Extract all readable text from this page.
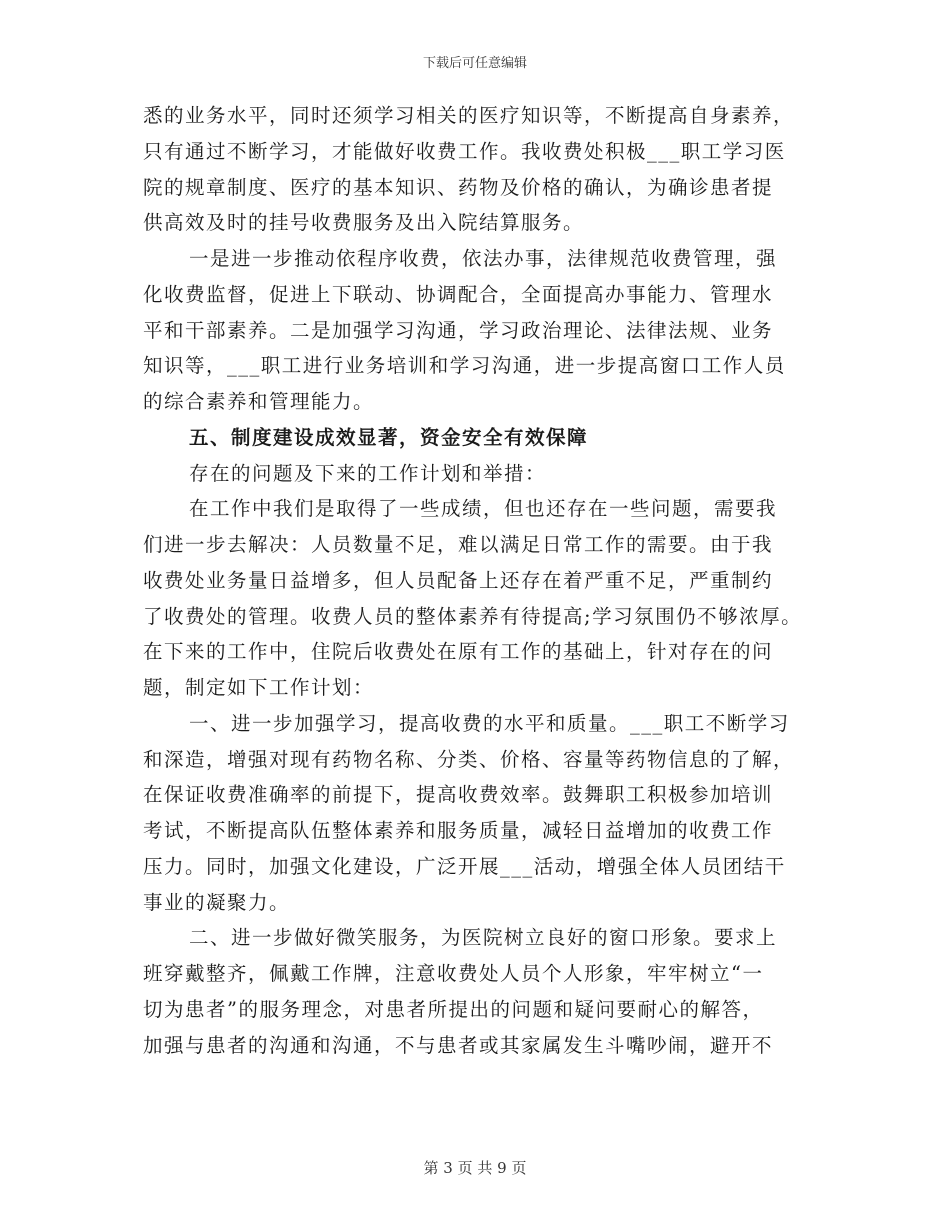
下载后可任意编辑
悉的业务水平，同时还须学习相关的医疗知识等，不断提高自身素养，
只有通过不断学习，才能做好收费工作。我收费处积极___职工学习医
院的规章制度、医疗的基本知识、药物及价格的确认，为确诊患者提
供高效及时的挂号收费服务及出入院结算服务。
一是进一步推动依程序收费，依法办事，法律规范收费管理，强
化收费监督，促进上下联动、协调配合，全面提高办事能力、管理水
平和干部素养。二是加强学习沟通，学习政治理论、法律法规、业务
知识等，___职工进行业务培训和学习沟通，进一步提高窗口工作人员
的综合素养和管理能力。
五、制度建设成效显著，资金安全有效保障
存在的问题及下来的工作计划和举措：
在工作中我们是取得了一些成绩，但也还存在一些问题，需要我
们进一步去解决：人员数量不足，难以满足日常工作的需要。由于我
收费处业务量日益增多，但人员配备上还存在着严重不足，严重制约
了收费处的管理。收费人员的整体素养有待提高;学习氛围仍不够浓厚。
在下来的工作中，住院后收费处在原有工作的基础上，针对存在的问
题，制定如下工作计划：
一、进一步加强学习，提高收费的水平和质量。___职工不断学习
和深造，增强对现有药物名称、分类、价格、容量等药物信息的了解，
在保证收费准确率的前提下，提高收费效率。鼓舞职工积极参加培训
考试，不断提高队伍整体素养和服务质量，减轻日益增加的收费工作
压力。同时，加强文化建设，广泛开展___活动，增强全体人员团结干
事业的凝聚力。
二、进一步做好微笑服务，为医院树立良好的窗口形象。要求上
班穿戴整齐，佩戴工作牌，注意收费处人员个人形象，牢牢树立“一
切为患者”的服务理念，对患者所提出的问题和疑问要耐心的解答，
加强与患者的沟通和沟通，不与患者或其家属发生斗嘴吵闹，避开不
第 3 页 共 9 页
